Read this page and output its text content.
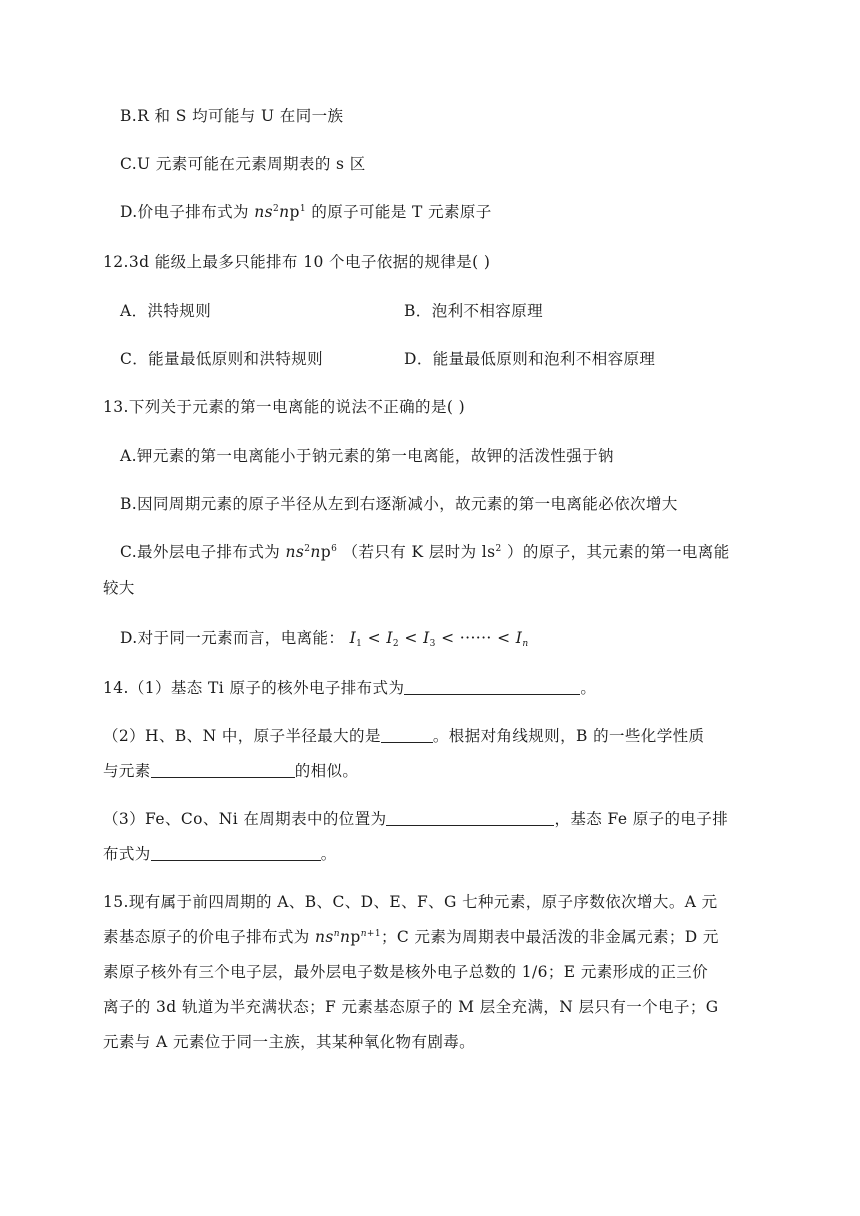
B.R 和 S 均可能与 U 在同一族
C.U 元素可能在元素周期表的 s 区
D.价电子排布式为 $ns^2np^1$ 的原子可能是 T 元素原子
12.3d 能级上最多只能排布 10 个电子依据的规律是( )
A．洪特规则	B．泡利不相容原理
C．能量最低原则和洪特规则	D．能量最低原则和泡利不相容原理
13.下列关于元素的第一电离能的说法不正确的是( )
A.钾元素的第一电离能小于钠元素的第一电离能，故钾的活泼性强于钠
B.因同周期元素的原子半径从左到右逐渐减小，故元素的第一电离能必依次增大
C.最外层电子排布式为 $ns^2np^6$ （若只有 K 层时为 $ls^2$ ）的原子，其元素的第一电离能
较大
D.对于同一元素而言，电离能： $I_1 < I_2 < I_3$ < ······ < $I_n$
14.（1）基态 Ti 原子的核外电子排布式为	。
（2）H、B、N 中，原子半径最大的是	。根据对角线规则，B 的一些化学性质
与元素	的相似。
（3）Fe、Co、Ni 在周期表中的位置为	，基态 Fe 原子的电子排
布式为	。
15.现有属于前四周期的 A、B、C、D、E、F、G 七种元素，原子序数依次增大。A 元
素基态原子的价电子排布式为 $ns^nnp^{n+1}$；C 元素为周期表中最活泼的非金属元素；D 元
素原子核外有三个电子层，最外层电子数是核外电子总数的 1/6；E 元素形成的正三价
离子的 3d 轨道为半充满状态；F 元素基态原子的 M 层全充满，N 层只有一个电子；G
元素与 A 元素位于同一主族，其某种氧化物有剧毒。
